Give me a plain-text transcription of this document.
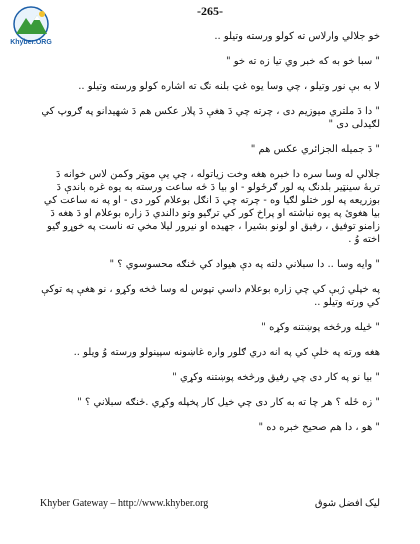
Khyber.ORG
-265-

خو جلالي وارلاس ته کولو ورسته وتيلو ..

" سبا خو به که خبر وي تيا زه ته خو "

لا به بې نور وتيلو ، چي وسا يوه غټ بلنه نګ ته اشاره کولو ورسته وتيلو ..

" دا دَ ملتري ميوزيم دى ، چرته چي دَ هغې دَ پلار عکس هم دَ شهيدانو په ګروپ کي لګيدلى دى "

" دَ جميله الجزائري عکس هم "

جلالي له وسا سره دا خبره هغه وخت زياتوله ، چي يې موټر وکمن لاس خوانه دَ تربهٔ سينټير بلدنګ په لور ګرځولو - او بيا دَ څه ساعت ورسته به يوه غره باندې دَ بوزريعه په لور ختلو لګيا وه - چرته چي دَ انګل بوعلام کور دى - او په نه ساعت کي بيا هغوئ په يوه نباشته او پراخ کور کي ترګيو وتو دالندي دَ زاره بوعلام او دَ هغه دَ زامنو توفيق ، رفيق او لونو بشيرا ، جهيده او نيرور ليلا مخي ته ناست په خوړو ګيو اخته وُ .

" وايه وسا .. دا سبلاني دلته په دې هيواد کي څنګه محسوسوي ؟ "

په خپلي ژبې کي چي زاره بوعلام داسي تپوس له وسا څخه وکړو ، نو هغې په توکې کي ورته وتيلو ..

" څيله ورځخه پوښتنه وکړه "

هغه ورته په خلې کي په انه دري ګلور واره غاښونه سپينولو ورسته وُ ويلو ..

" بيا نو په کار دى چي رفيق ورڅخه پوښتنه وکړي "

" زه ځله ؟ هر چا ته به کار دى چي خيل کار پخپله وکړي .څنګه سبلاني ؟ "

" هو ، دا هم صحيح خبره ده "

Khyber Gateway – http://www.khyber.org	ليک افضل شوق
